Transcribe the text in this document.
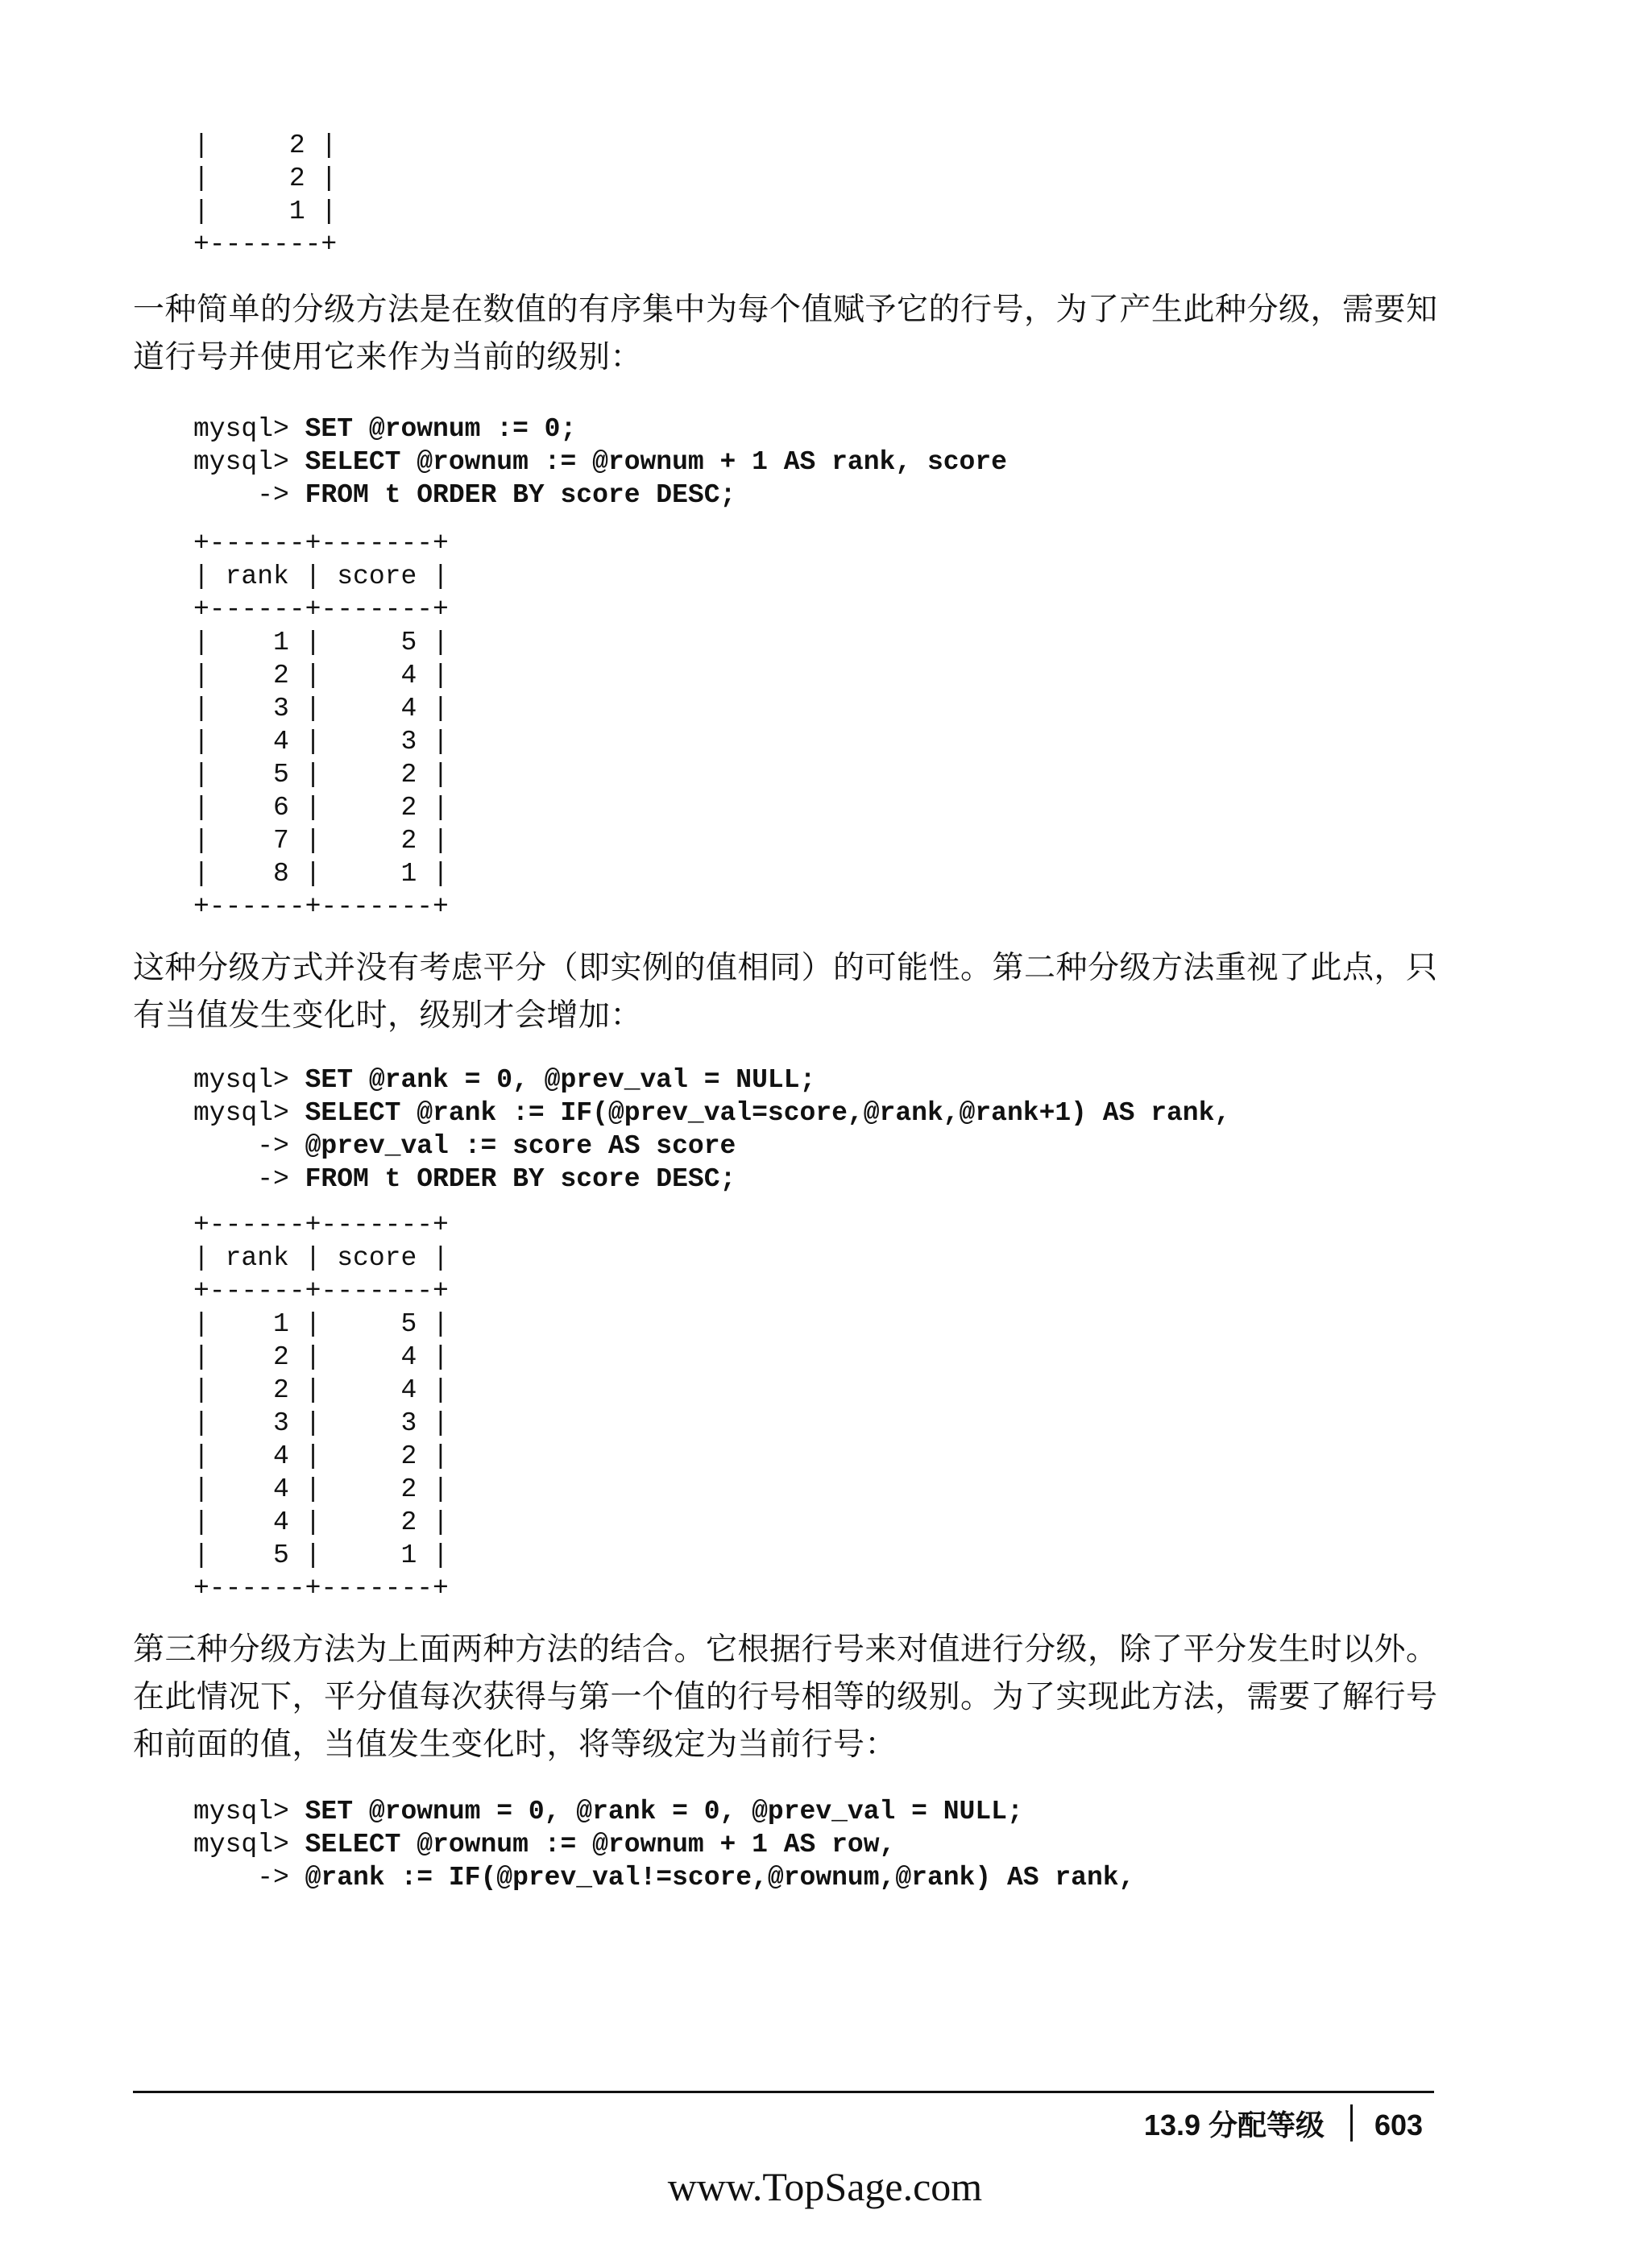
|     2 |
|     2 |
|     1 |
+-------+

一种简单的分级方法是在数值的有序集中为每个值赋予它的行号，为了产生此种分级，需要知道行号并使用它来作为当前的级别：

mysql> SET @rownum := 0;
mysql> SELECT @rownum := @rownum + 1 AS rank, score
-> FROM t ORDER BY score DESC;
+------+-------+
| rank | score |
+------+-------+
|    1 |     5 |
|    2 |     4 |
|    3 |     4 |
|    4 |     3 |
|    5 |     2 |
|    6 |     2 |
|    7 |     2 |
|    8 |     1 |
+------+-------+

这种分级方式并没有考虑平分（即实例的值相同）的可能性。第二种分级方法重视了此点，只有当值发生变化时，级别才会增加：

mysql> SET @rank = 0, @prev_val = NULL;
mysql> SELECT @rank := IF(@prev_val=score,@rank,@rank+1) AS rank,
-> @prev_val := score AS score
-> FROM t ORDER BY score DESC;
+------+-------+
| rank | score |
+------+-------+
|    1 |     5 |
|    2 |     4 |
|    2 |     4 |
|    3 |     3 |
|    4 |     2 |
|    4 |     2 |
|    4 |     2 |
|    5 |     1 |
+------+-------+

第三种分级方法为上面两种方法的结合。它根据行号来对值进行分级，除了平分发生时以外。在此情况下，平分值每次获得与第一个值的行号相等的级别。为了实现此方法，需要了解行号和前面的值，当值发生变化时，将等级定为当前行号：

mysql> SET @rownum = 0, @rank = 0, @prev_val = NULL;
mysql> SELECT @rownum := @rownum + 1 AS row,
-> @rank := IF(@prev_val!=score,@rownum,@rank) AS rank,
13.9 分配等级 603
www.TopSage.com
